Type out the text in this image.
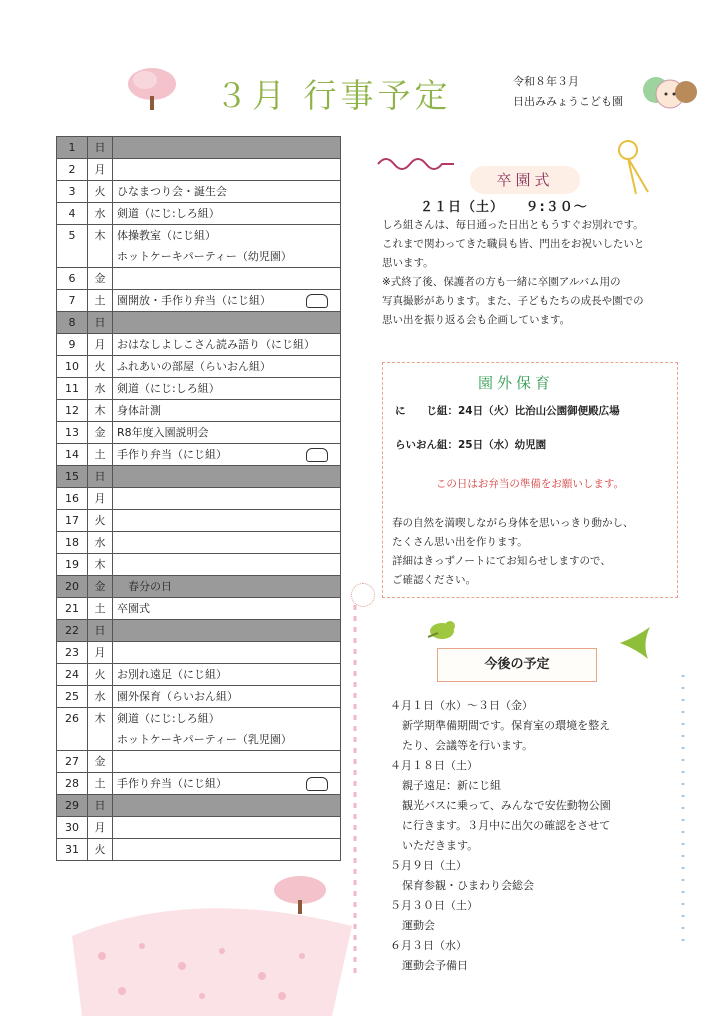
３月 行事予定	令和８年３月
日出みみょうこども園
1	日	

2	月	

3	火	ひなまつり会・誕生会

4	水	剣道（にじ:しろ組）

5	木	体操教室（にじ組）
ホットケーキパーティー（幼児園）

6	金	

7	土	園開放・手作り弁当（にじ組）

8	日	

9	月	おはなしよしこさん読み語り（にじ組）

10	火	ふれあいの部屋（らいおん組）

11	水	剣道（にじ:しろ組）

12	木	身体計測

13	金	R8年度入園説明会

14	土	手作り弁当（にじ組）

15	日	

16	月	

17	火	

18	水	

19	木	

20	金	　春分の日

21	土	卒園式

22	日	

23	月	

24	火	お別れ遠足（にじ組）

25	水	園外保育（らいおん組）

26	木	剣道（にじ:しろ組）
ホットケーキパーティー（乳児園）

27	金	

28	土	手作り弁当（にじ組）

29	日	

30	月	

31	火	

卒園式
２１日（土）　　９:３０〜
しろ組さんは、毎日通った日出ともうすぐお別れです。
これまで関わってきた職員も皆、門出をお祝いしたいと
思います。
※式終了後、保護者の方も一緒に卒園アルバム用の
写真撮影があります。また、子どもたちの成長や園での
思い出を振り返る会も企画しています。
園外保育
に　　じ組：24日（火）比治山公園御便殿広場
らいおん組：25日（水）幼児園
この日はお弁当の準備をお願いします。
春の自然を満喫しながら身体を思いっきり動かし、
たくさん思い出を作ります。
詳細はきっずノートにてお知らせしますので、
ご確認ください。
今後の予定
４月１日（水）〜３日（金）
新学期準備期間です。保育室の環境を整え
たり、会議等を行います。
４月１８日（土）
親子遠足：新にじ組
観光バスに乗って、みんなで安佐動物公園
に行きます。３月中に出欠の確認をさせて
いただきます。
５月９日（土）
保育参観・ひまわり会総会
５月３０日（土）
運動会
６月３日（水）
運動会予備日
